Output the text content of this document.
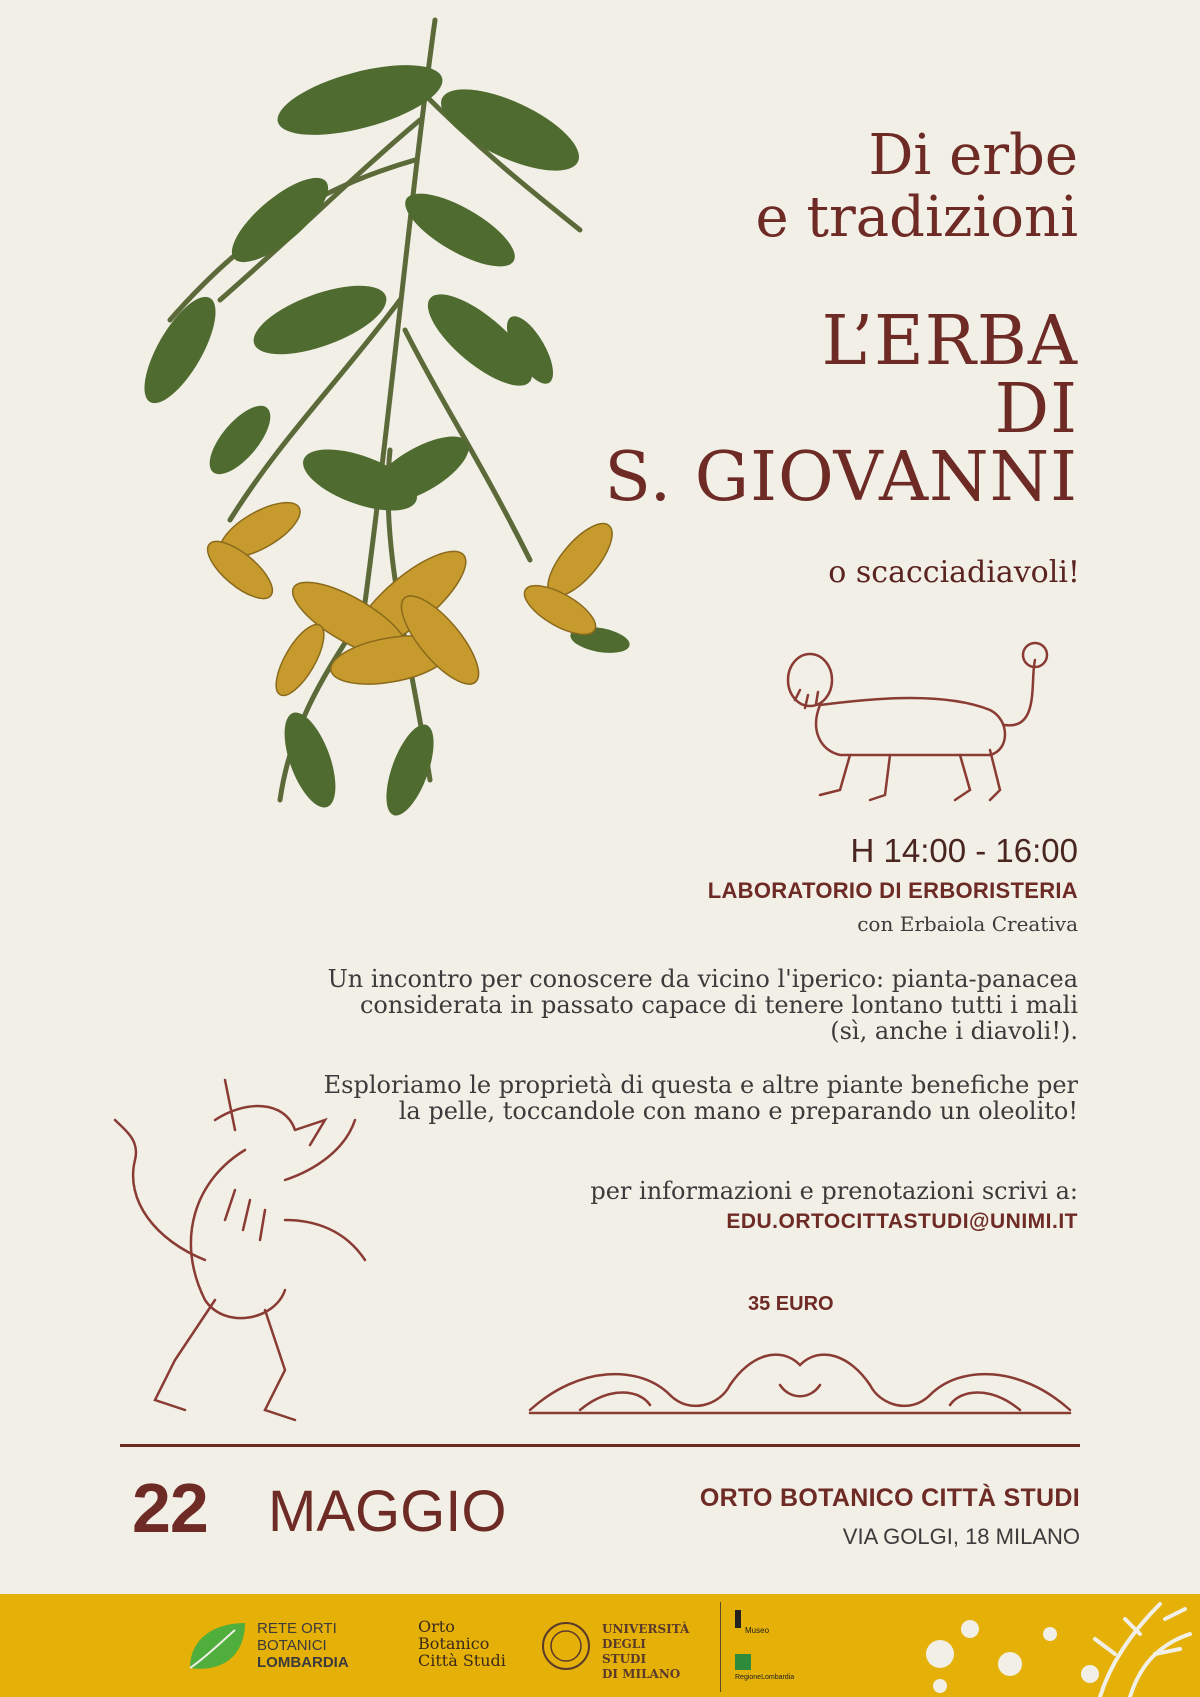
Di erbe
e tradizioni
L’ERBA
DI
S. GIOVANNI
o scacciadiavoli!
H 14:00 - 16:00
LABORATORIO DI ERBORISTERIA
con Erbaiola Creativa
Un incontro per conoscere da vicino l'iperico: pianta-panacea considerata in passato capace di tenere lontano tutti i mali (sì, anche i diavoli!).
Esploriamo le proprietà di questa e altre piante benefiche per la pelle, toccandole con mano e preparando un oleolito!
per informazioni e prenotazioni scrivi a:
EDU.ORTOCITTASTUDI@UNIMI.IT
35 EURO
22 MAGGIO	ORTO BOTANICO CITTÀ STUDI
VIA GOLGI, 18 MILANO
RETE ORTI
BOTANICI
LOMBARDIA
Orto
Botanico
Città Studi
UNIVERSITÀ
DEGLI STUDI
DI MILANO
Museo
RegioneLombardia
